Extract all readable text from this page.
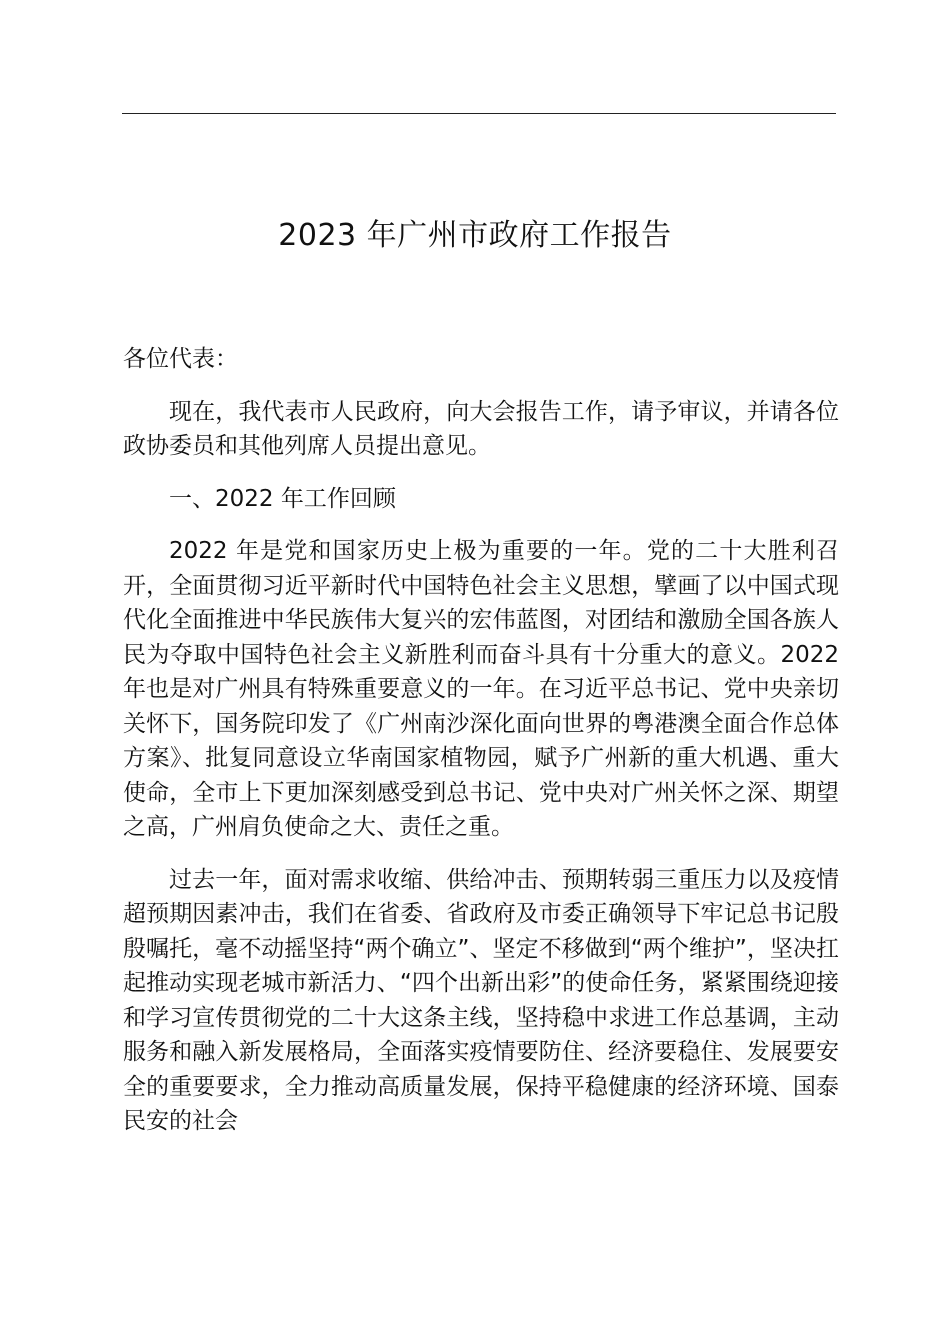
2023 年广州市政府工作报告

各位代表：

现在，我代表市人民政府，向大会报告工作，请予审议，并请各位政协委员和其他列席人员提出意见。

一、2022 年工作回顾

2022 年是党和国家历史上极为重要的一年。党的二十大胜利召开，全面贯彻习近平新时代中国特色社会主义思想，擘画了以中国式现代化全面推进中华民族伟大复兴的宏伟蓝图，对团结和激励全国各族人民为夺取中国特色社会主义新胜利而奋斗具有十分重大的意义。2022 年也是对广州具有特殊重要意义的一年。在习近平总书记、党中央亲切关怀下，国务院印发了《广州南沙深化面向世界的粤港澳全面合作总体方案》、批复同意设立华南国家植物园，赋予广州新的重大机遇、重大使命，全市上下更加深刻感受到总书记、党中央对广州关怀之深、期望之高，广州肩负使命之大、责任之重。

过去一年，面对需求收缩、供给冲击、预期转弱三重压力以及疫情超预期因素冲击，我们在省委、省政府及市委正确领导下牢记总书记殷殷嘱托，毫不动摇坚持“两个确立”、坚定不移做到“两个维护”，坚决扛起推动实现老城市新活力、“四个出新出彩”的使命任务，紧紧围绕迎接和学习宣传贯彻党的二十大这条主线，坚持稳中求进工作总基调，主动服务和融入新发展格局，全面落实疫情要防住、经济要稳住、发展要安全的重要要求，全力推动高质量发展，保持平稳健康的经济环境、国泰民安的社会
